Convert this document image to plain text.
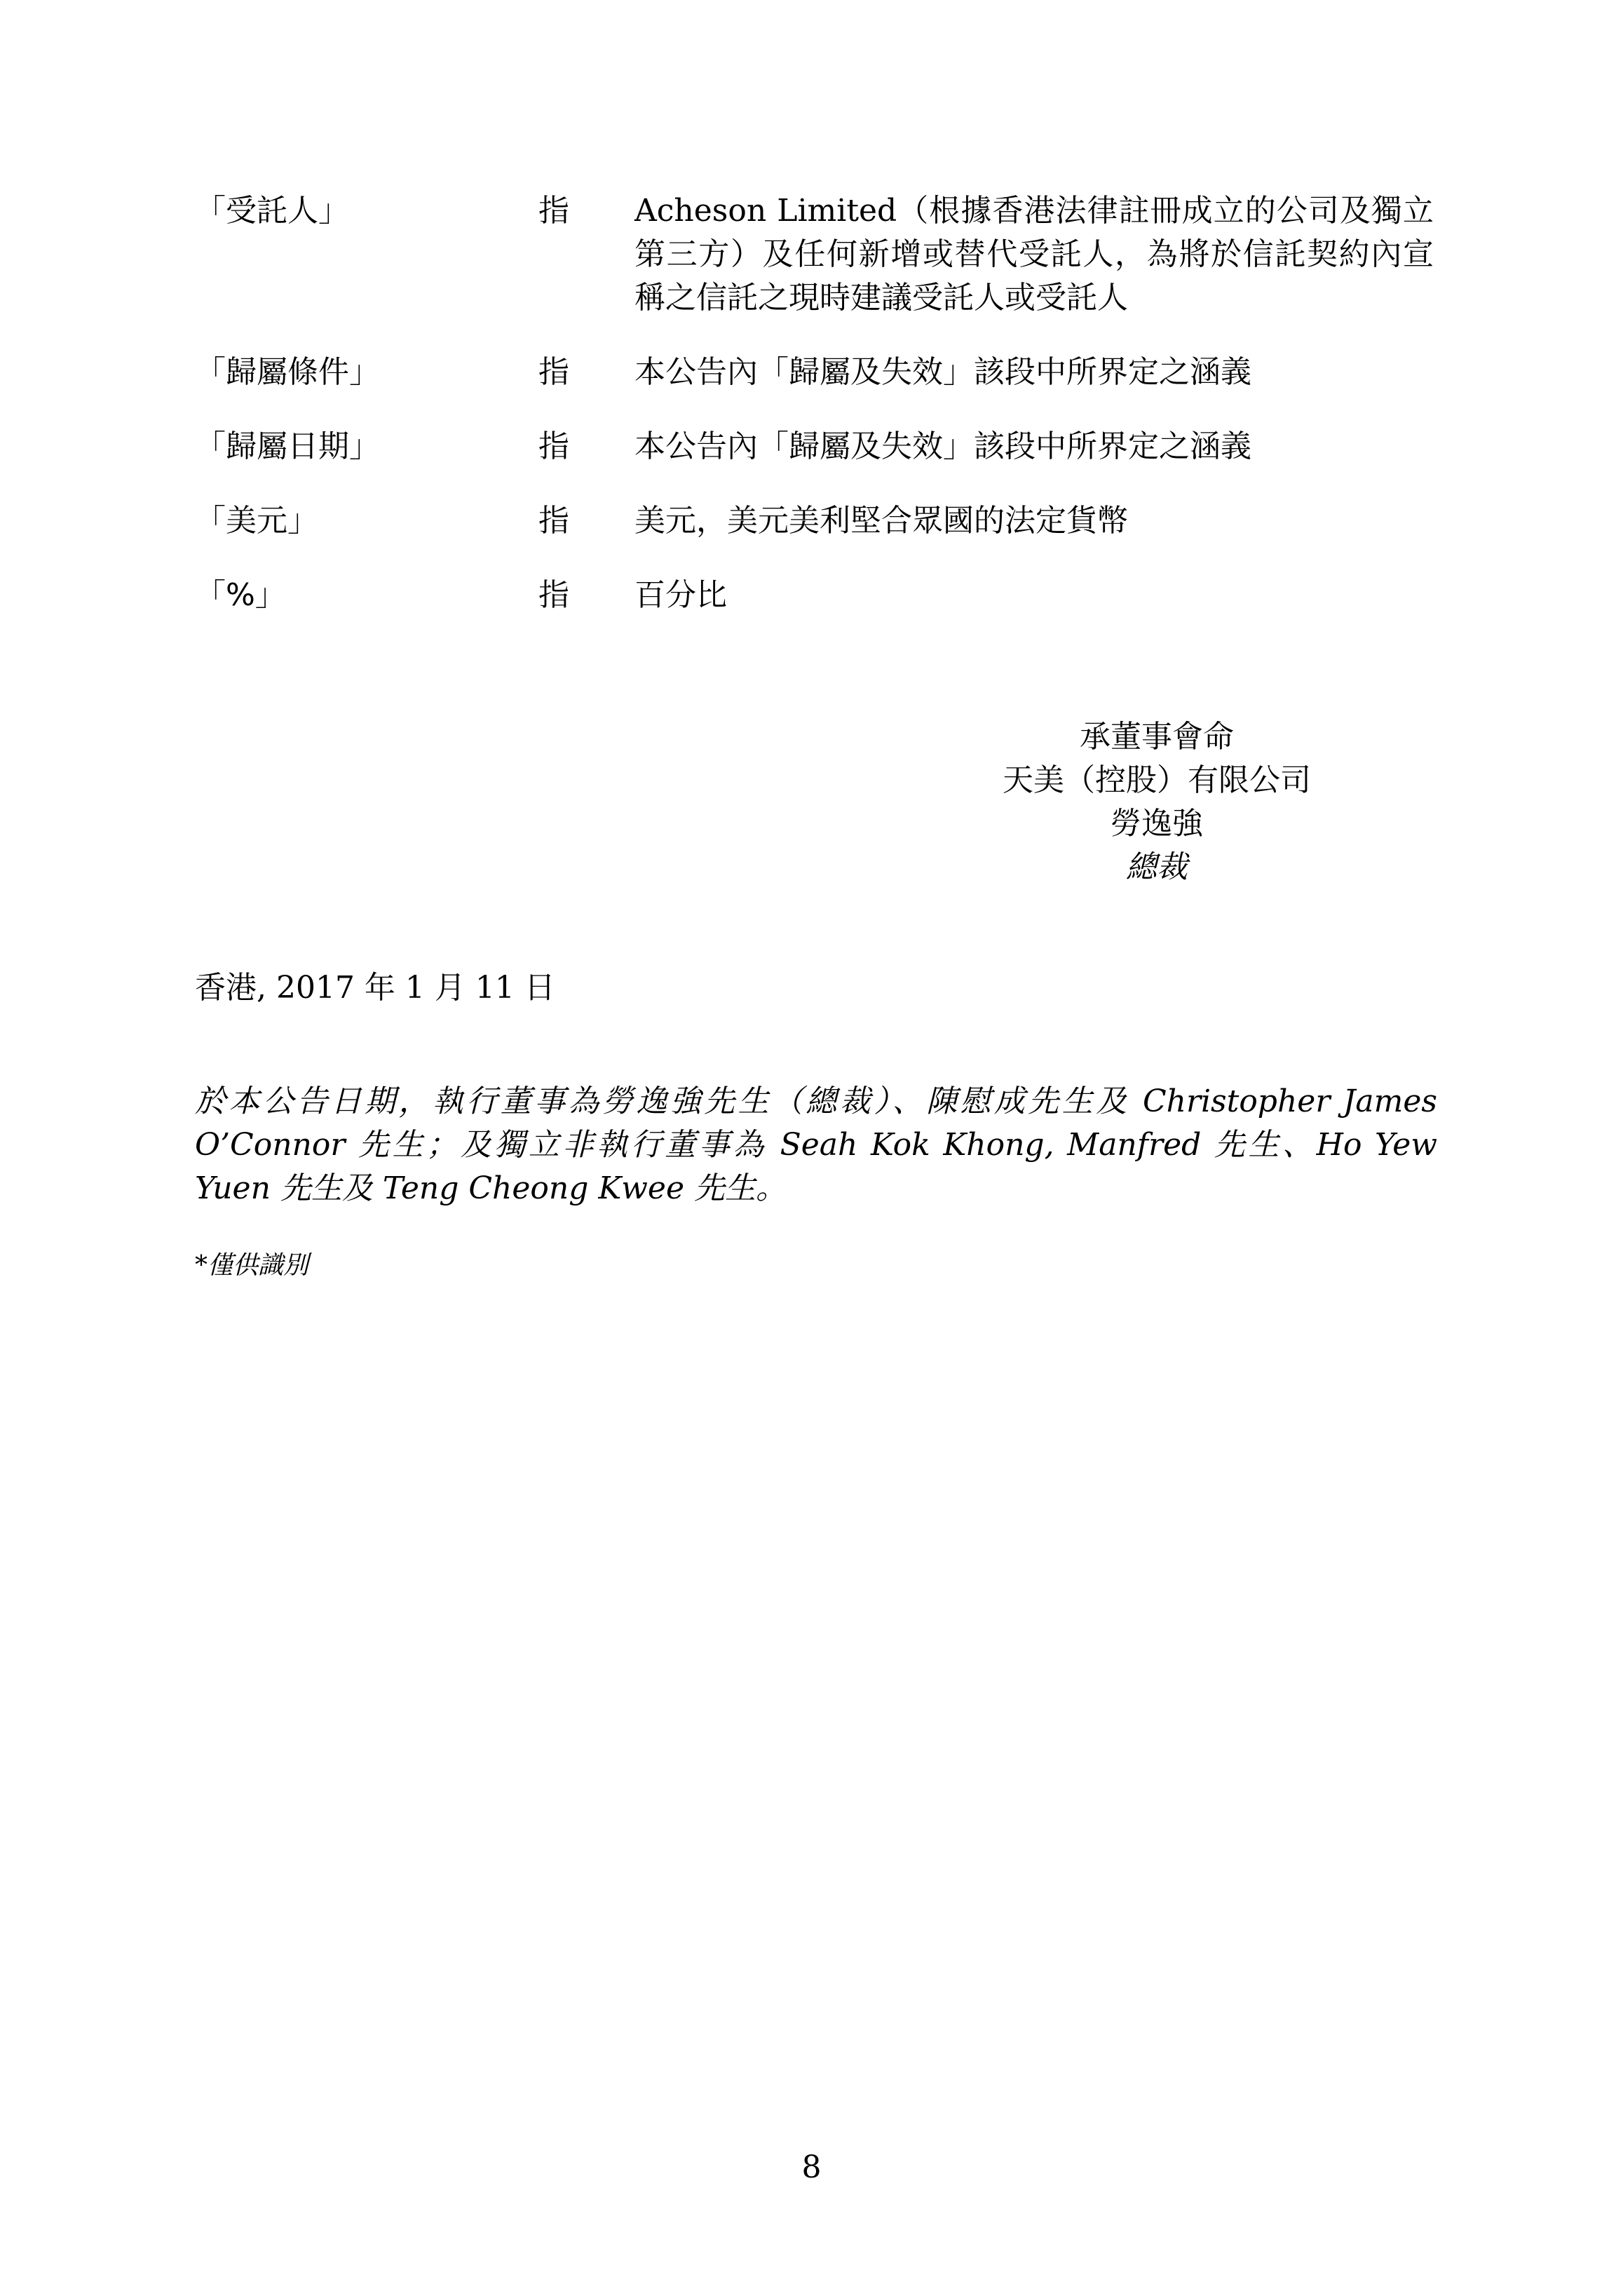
「受託人」	指	Acheson Limited（根據香港法律註冊成立的公司及獨立第三方）及任何新增或替代受託人，為將於信託契約內宣稱之信託之現時建議受託人或受託人
「歸屬條件」	指	本公告內「歸屬及失效」該段中所界定之涵義
「歸屬日期」	指	本公告內「歸屬及失效」該段中所界定之涵義
「美元」	指	美元，美元美利堅合眾國的法定貨幣
「%」	指	百分比
承董事會命
天美（控股）有限公司
勞逸強
總裁
香港, 2017 年 1 月 11 日
於本公告日期，執行董事為勞逸強先生（總裁）、陳慰成先生及 Christopher James O’Connor 先生；及獨立非執行董事為 Seah Kok Khong, Manfred 先生、Ho Yew Yuen 先生及 Teng Cheong Kwee 先生。
*僅供識別
8
